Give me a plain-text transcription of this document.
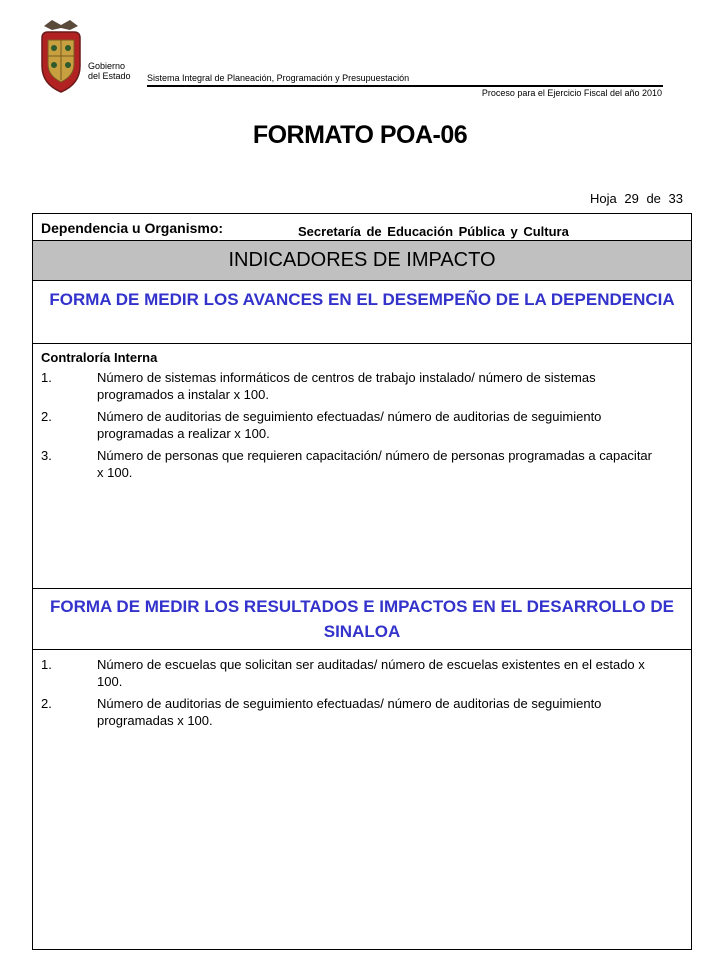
Gobierno
del Estado Sistema Integral de Planeación, Programación y Presupuestación
Proceso para el Ejercicio Fiscal del año 2010
FORMATO POA-06
Hoja 29 de 33
Dependencia u Organismo:	Secretaría de Educación Pública y Cultura
INDICADORES DE IMPACTO
FORMA DE MEDIR LOS AVANCES EN EL DESEMPEÑO DE LA DEPENDENCIA
Contraloría Interna
1.	Número de sistemas informáticos de centros de trabajo instalado/ número de sistemas programados a instalar x 100.
2.	Número de auditorias de seguimiento efectuadas/ número de auditorias de seguimiento programadas a realizar x 100.
3.	Número de personas que requieren capacitación/ número de personas programadas a capacitar x 100.
FORMA DE MEDIR LOS RESULTADOS E IMPACTOS EN EL DESARROLLO DE SINALOA
1.	Número de escuelas que solicitan ser auditadas/ número de escuelas existentes en el estado x 100.
2.	Número de auditorias de seguimiento efectuadas/ número de auditorias de seguimiento programadas x 100.
